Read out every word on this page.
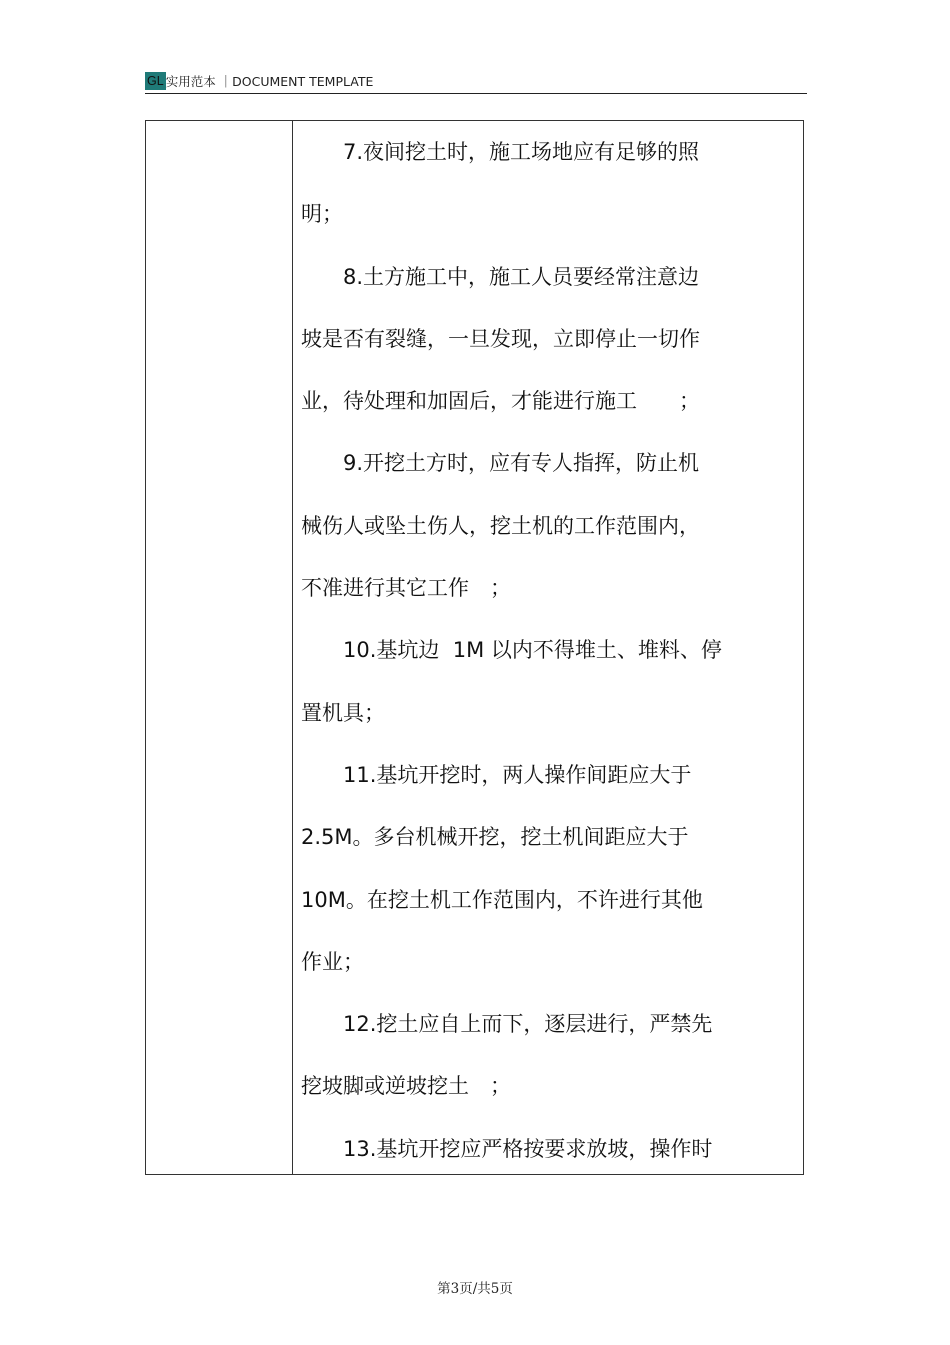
GL 实用范本 ｜DOCUMENT TEMPLATE
　　7.夜间挖土时，施工场地应有足够的照
明；
　　8.土方施工中，施工人员要经常注意边
坡是否有裂缝，一旦发现，立即停止一切作
业，待处理和加固后，才能进行施工　　；
　　9.开挖土方时，应有专人指挥，防止机
械伤人或坠土伤人，挖土机的工作范围内，
不准进行其它工作　；
　　10.基坑边  1M 以内不得堆土、堆料、停
置机具；
　　11.基坑开挖时，两人操作间距应大于
2.5M。多台机械开挖，挖土机间距应大于
10M。在挖土机工作范围内，不许进行其他
作业；
　　12.挖土应自上而下，逐层进行，严禁先
挖坡脚或逆坡挖土　；
　　13.基坑开挖应严格按要求放坡，操作时
第3页/共5页
